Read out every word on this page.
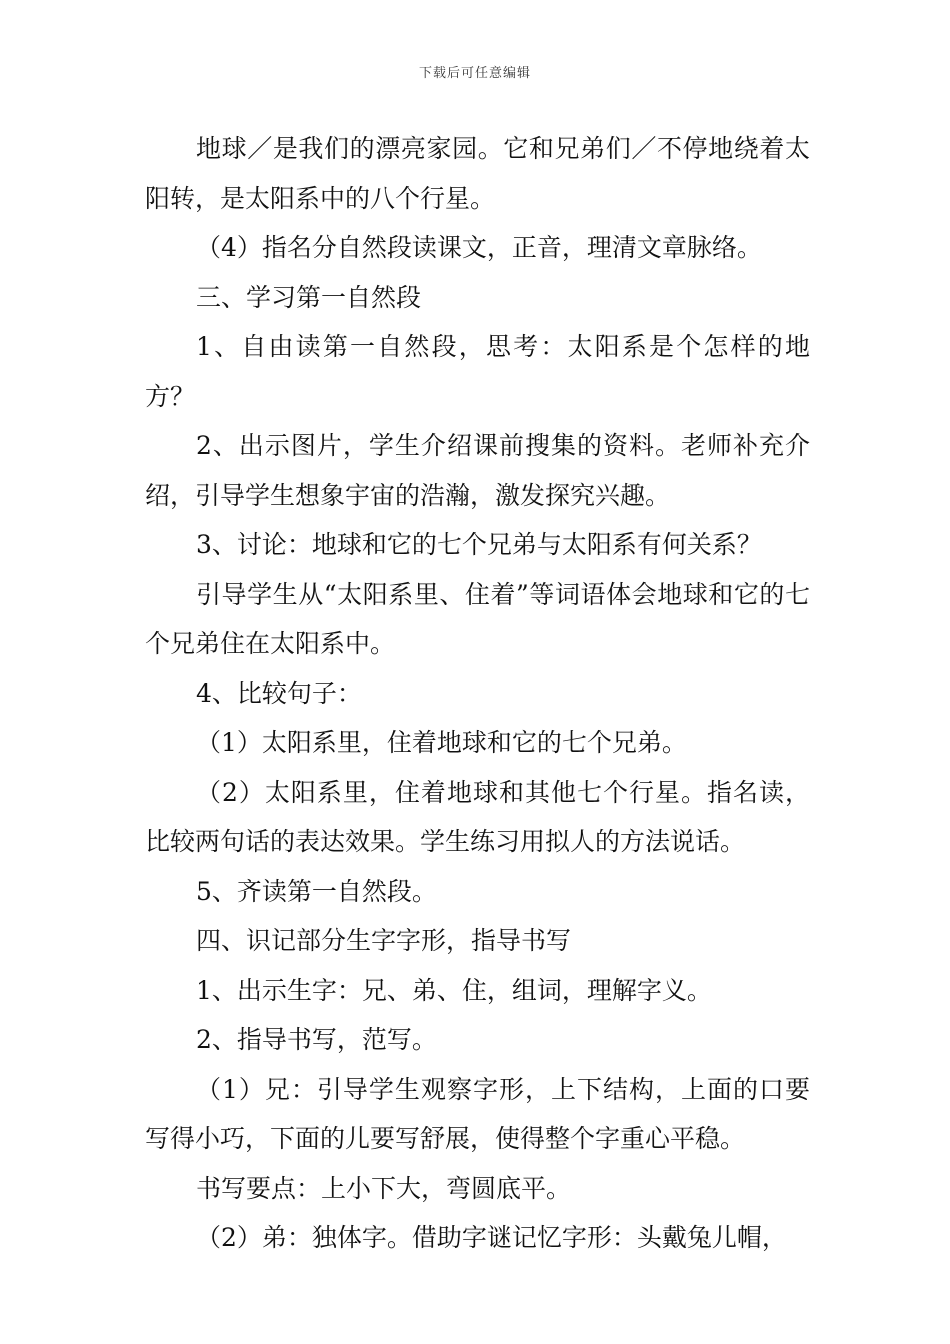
下载后可任意编辑

地球／是我们的漂亮家园。它和兄弟们／不停地绕着太阳转，是太阳系中的八个行星。

（4）指名分自然段读课文，正音，理清文章脉络。

三、学习第一自然段

1、自由读第一自然段，思考：太阳系是个怎样的地方？

2、出示图片，学生介绍课前搜集的资料。老师补充介绍，引导学生想象宇宙的浩瀚，激发探究兴趣。

3、讨论：地球和它的七个兄弟与太阳系有何关系？

引导学生从“太阳系里、住着”等词语体会地球和它的七个兄弟住在太阳系中。

4、比较句子：

（1）太阳系里，住着地球和它的七个兄弟。

（2）太阳系里，住着地球和其他七个行星。指名读，比较两句话的表达效果。学生练习用拟人的方法说话。

5、齐读第一自然段。

四、识记部分生字字形，指导书写

1、出示生字：兄、弟、住，组词，理解字义。

2、指导书写，范写。

（1）兄：引导学生观察字形，上下结构，上面的口要写得小巧，下面的儿要写舒展，使得整个字重心平稳。

书写要点：上小下大，弯圆底平。

（2）弟：独体字。借助字谜记忆字形：头戴兔儿帽，
